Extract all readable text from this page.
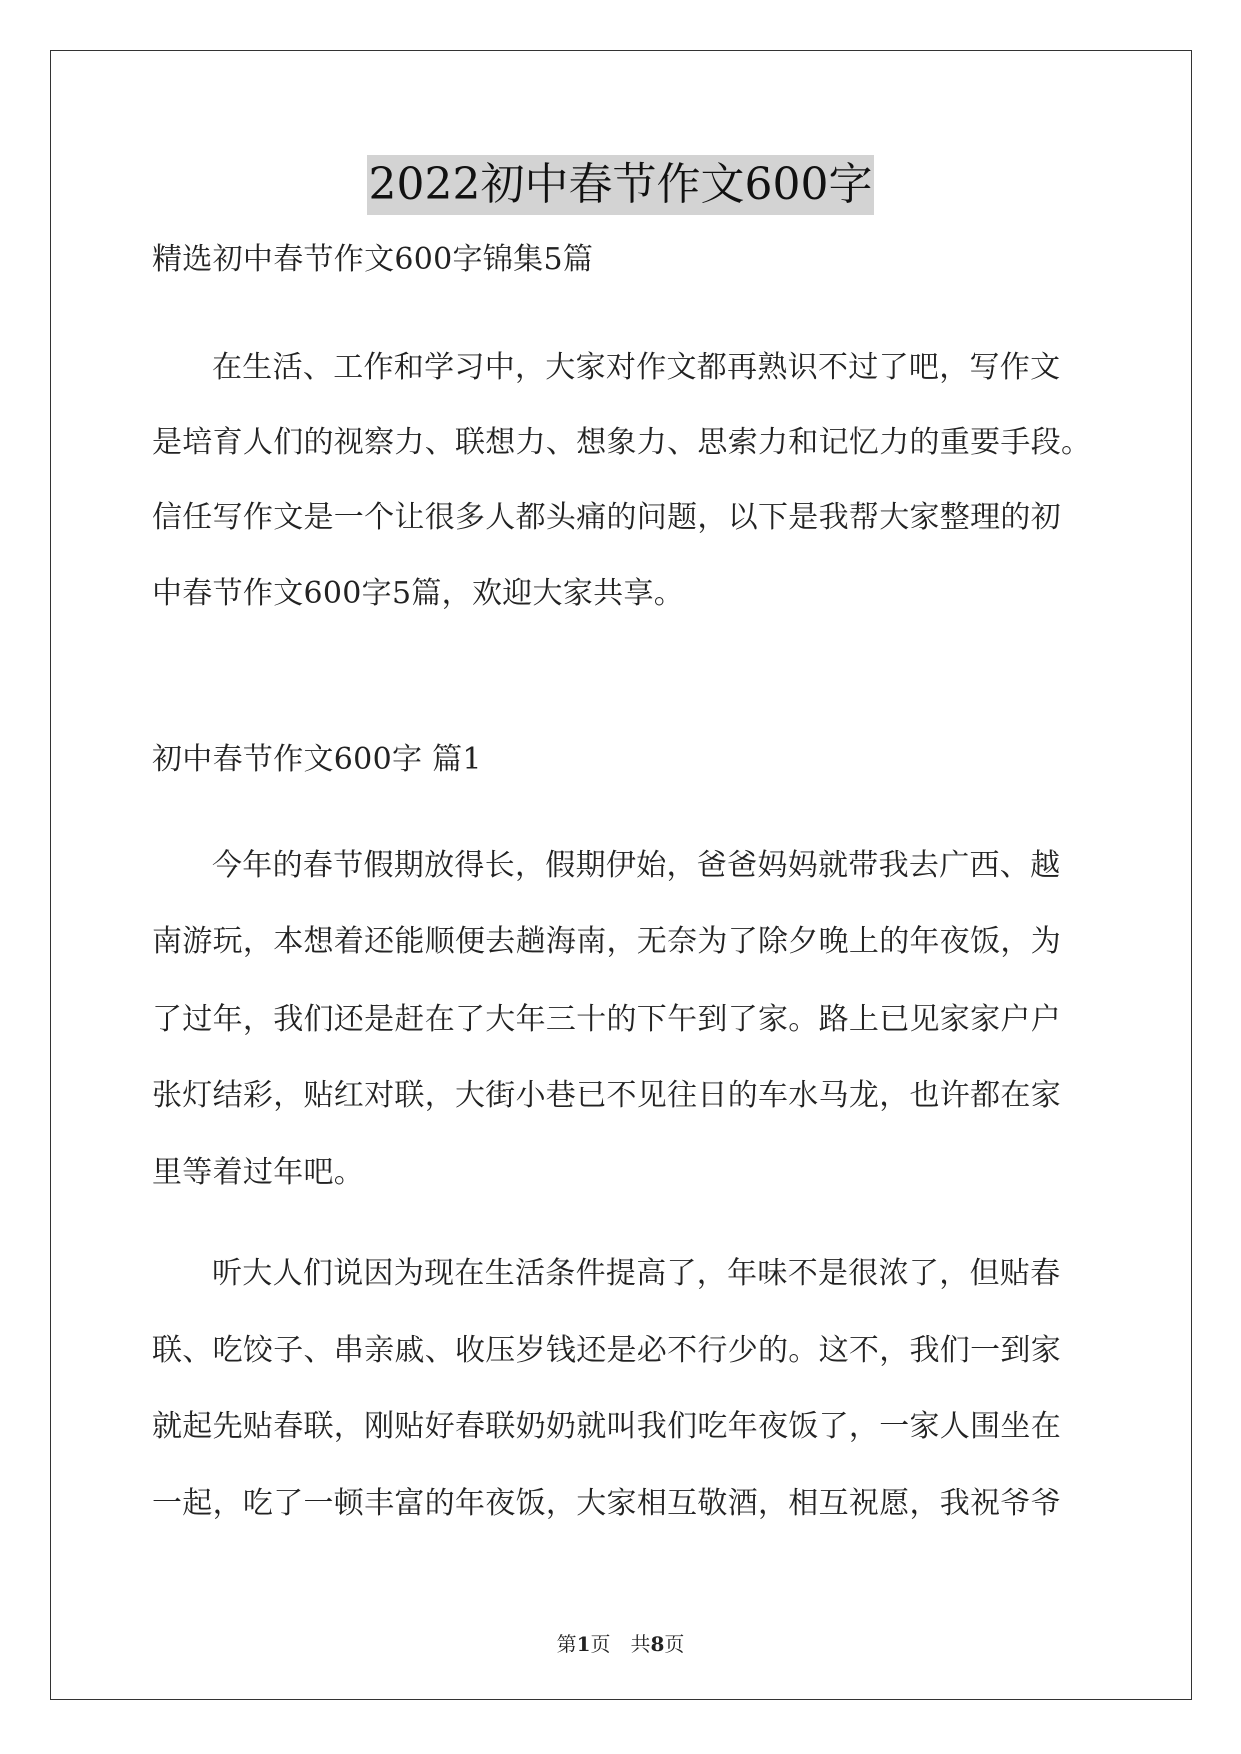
2022初中春节作文600字
精选初中春节作文600字锦集5篇
在生活、工作和学习中，大家对作文都再熟识不过了吧，写作文
是培育人们的视察力、联想力、想象力、思索力和记忆力的重要手段。
信任写作文是一个让很多人都头痛的问题，以下是我帮大家整理的初
中春节作文600字5篇，欢迎大家共享。
初中春节作文600字 篇1
今年的春节假期放得长，假期伊始，爸爸妈妈就带我去广西、越
南游玩，本想着还能顺便去趟海南，无奈为了除夕晚上的年夜饭，为
了过年，我们还是赶在了大年三十的下午到了家。路上已见家家户户
张灯结彩，贴红对联，大街小巷已不见往日的车水马龙，也许都在家
里等着过年吧。
听大人们说因为现在生活条件提高了，年味不是很浓了，但贴春
联、吃饺子、串亲戚、收压岁钱还是必不行少的。这不，我们一到家
就起先贴春联，刚贴好春联奶奶就叫我们吃年夜饭了，一家人围坐在
一起，吃了一顿丰富的年夜饭，大家相互敬酒，相互祝愿，我祝爷爷
第1页　共8页
